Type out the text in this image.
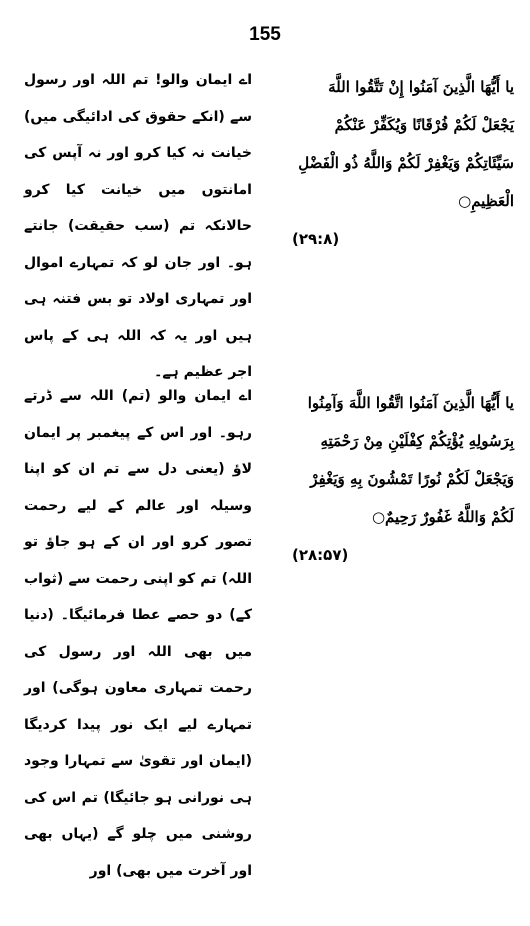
155

اے ایمان والو! تم اللہ اور رسول سے (انکے حقوق کی ادائیگی میں) خیانت نہ کیا کرو اور نہ آپس کی امانتوں میں خیانت کیا کرو حالانکہ تم (سب حقیقت) جانتے ہو۔ اور جان لو کہ تمہارے اموال اور تمہاری اولاد تو بس فتنہ ہی ہیں اور یہ کہ اللہ ہی کے پاس اجر عظیم ہے۔

اے ایمان والو (تم) اللہ سے ڈرتے رہو۔ اور اس کے پیغمبر پر ایمان لاؤ (یعنی دل سے تم ان کو اپنا وسیلہ اور عالم کے لیے رحمت تصور کرو اور ان کے ہو جاؤ تو اللہ) تم کو اپنی رحمت سے (ثواب کے) دو حصے عطا فرمائیگا۔ (دنیا میں بھی اللہ اور رسول کی رحمت تمہاری معاون ہوگی) اور تمہارے لیے ایک نور پیدا کردیگا (ایمان اور تقویٰ سے تمہارا وجود ہی نورانی ہو جائیگا) تم اس کی روشنی میں چلو گے (یہاں بھی اور آخرت میں بھی) اور

يا أَيُّهَا الَّذِينَ آمَنُوا إِنْ تَتَّقُوا اللَّهَ يَجْعَلْ لَكُمْ فُرْقَانًا وَيُكَفِّرْ عَنْكُمْ سَيِّئَاتِكُمْ وَيَغْفِرْ لَكُمْ وَاللَّهُ ذُو الْفَضْلِ الْعَظِيمِ○

(۲۹:۸)

يا أَيُّهَا الَّذِينَ آمَنُوا اتَّقُوا اللَّهَ وَآمِنُوا بِرَسُولِهِ يُؤْتِكُمْ كِفْلَيْنِ مِنْ رَحْمَتِهِ وَيَجْعَلْ لَكُمْ نُورًا تَمْشُونَ بِهِ وَيَغْفِرْ لَكُمْ وَاللَّهُ غَفُورٌ رَحِيمٌ○

(۲۸:۵۷)
